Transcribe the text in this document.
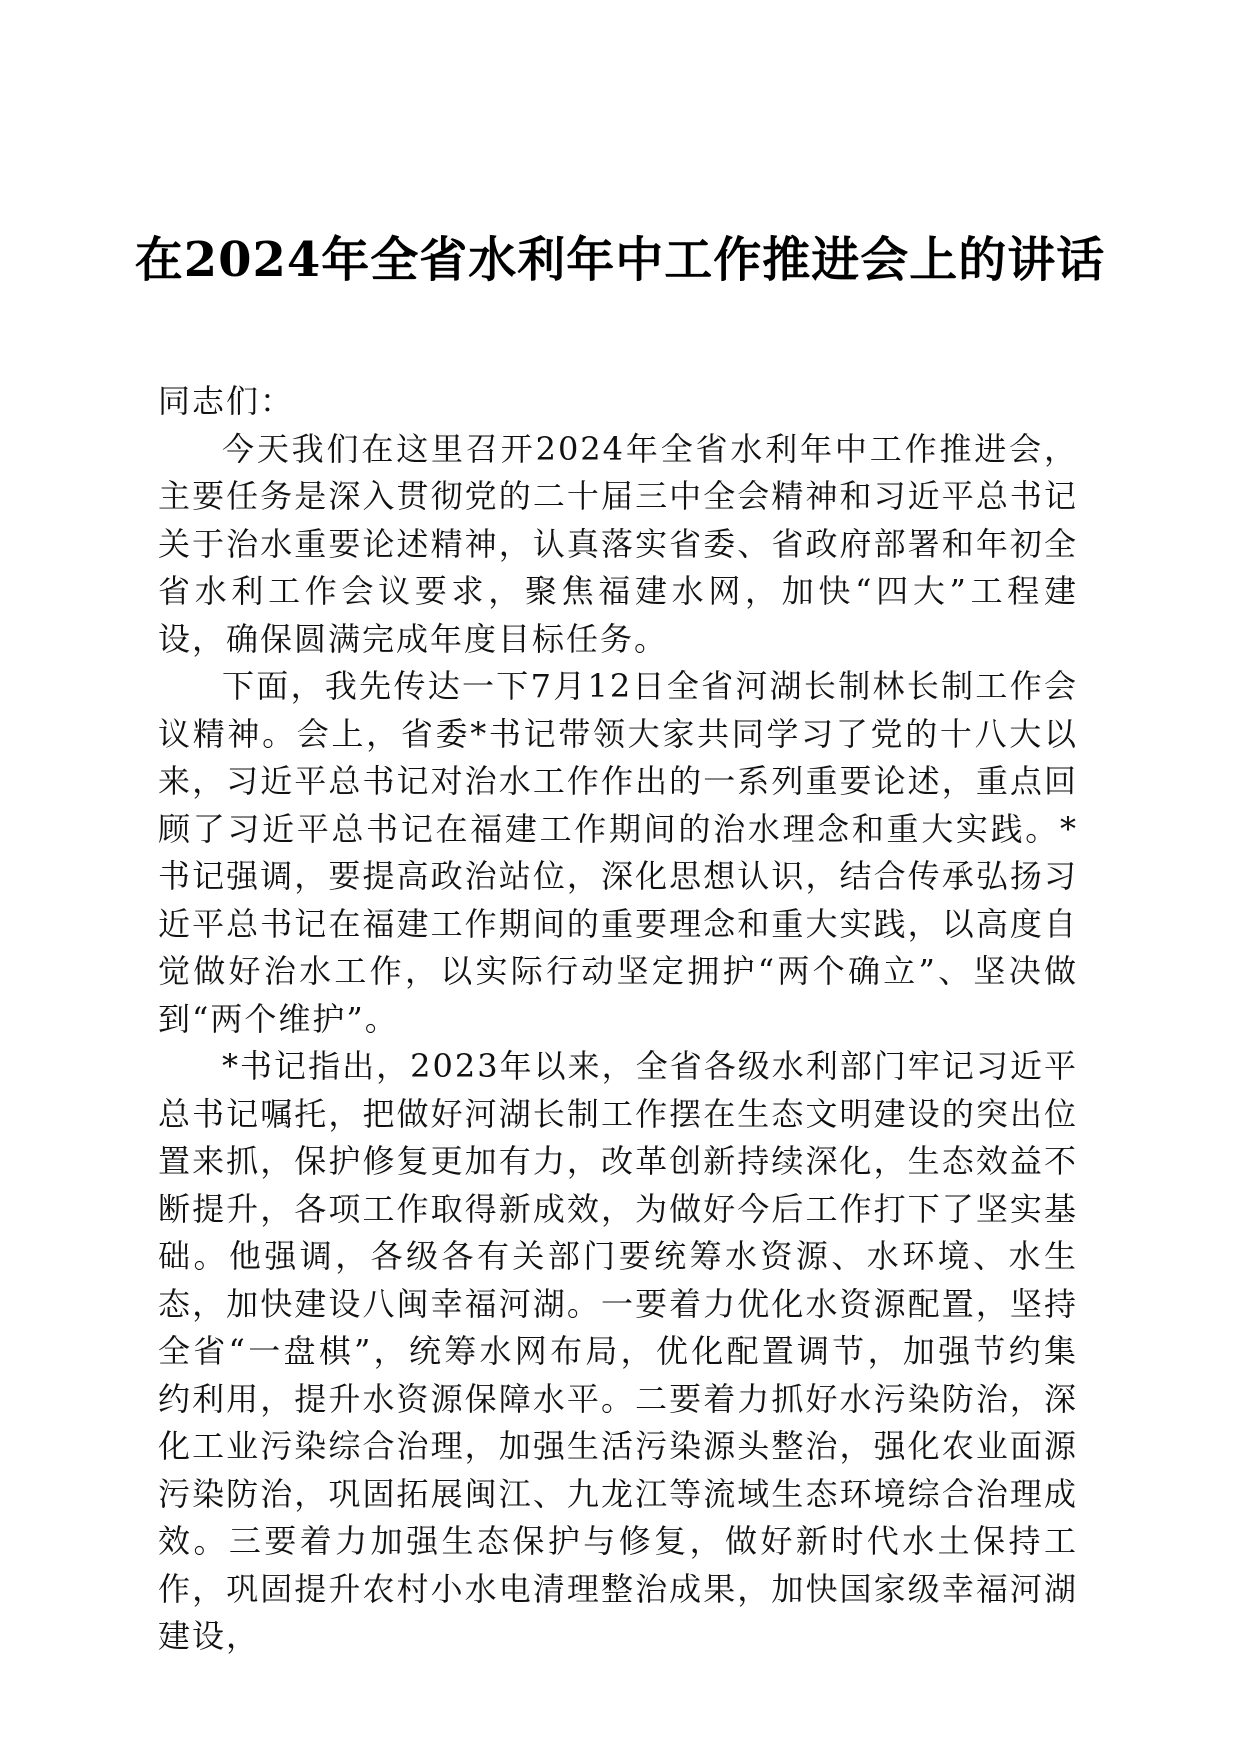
在2024年全省水利年中工作推进会上的讲话

同志们：

今天我们在这里召开2024年全省水利年中工作推进会，主要任务是深入贯彻党的二十届三中全会精神和习近平总书记关于治水重要论述精神，认真落实省委、省政府部署和年初全省水利工作会议要求，聚焦福建水网，加快“四大”工程建设，确保圆满完成年度目标任务。

下面，我先传达一下7月12日全省河湖长制林长制工作会议精神。会上，省委*书记带领大家共同学习了党的十八大以来，习近平总书记对治水工作作出的一系列重要论述，重点回顾了习近平总书记在福建工作期间的治水理念和重大实践。*书记强调，要提高政治站位，深化思想认识，结合传承弘扬习近平总书记在福建工作期间的重要理念和重大实践，以高度自觉做好治水工作，以实际行动坚定拥护“两个确立”、坚决做到“两个维护”。

*书记指出，2023年以来，全省各级水利部门牢记习近平总书记嘱托，把做好河湖长制工作摆在生态文明建设的突出位置来抓，保护修复更加有力，改革创新持续深化，生态效益不断提升，各项工作取得新成效，为做好今后工作打下了坚实基础。他强调，各级各有关部门要统筹水资源、水环境、水生态，加快建设八闽幸福河湖。一要着力优化水资源配置，坚持全省“一盘棋”，统筹水网布局，优化配置调节，加强节约集约利用，提升水资源保障水平。二要着力抓好水污染防治，深化工业污染综合治理，加强生活污染源头整治，强化农业面源污染防治，巩固拓展闽江、九龙江等流域生态环境综合治理成效。三要着力加强生态保护与修复，做好新时代水土保持工作，巩固提升农村小水电清理整治成果，加快国家级幸福河湖建设，
